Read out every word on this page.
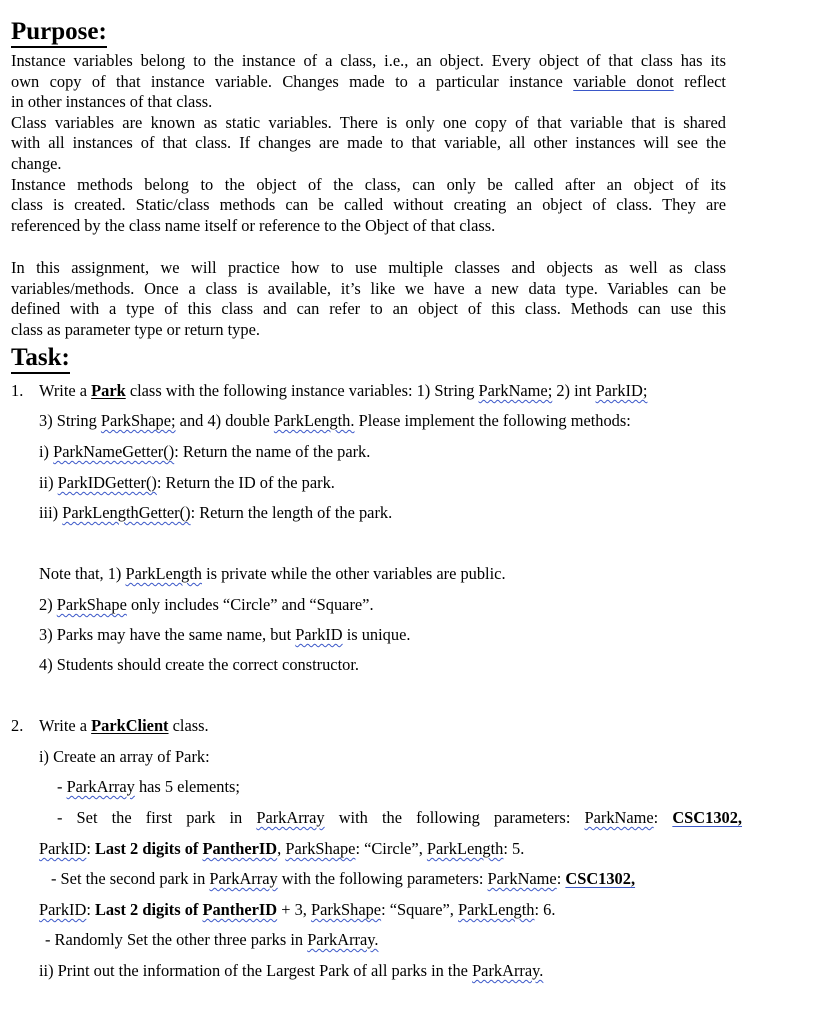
Purpose:
Instance variables belong to the instance of a class, i.e., an object. Every object of that class has its
own copy of that instance variable. Changes made to a particular instance variable donot reflect
in other instances of that class.
Class variables are known as static variables. There is only one copy of that variable that is shared
with all instances of that class. If changes are made to that variable, all other instances will see the
change.
Instance methods belong to the object of the class, can only be called after an object of its
class is created. Static/class methods can be called without creating an object of class. They are
referenced by the class name itself or reference to the Object of that class.
In this assignment, we will practice how to use multiple classes and objects as well as class
variables/methods. Once a class is available, it’s like we have a new data type. Variables can be
defined with a type of this class and can refer to an object of this class. Methods can use this
class as parameter type or return type.
Task:
1. Write a Park class with the following instance variables: 1) String ParkName; 2) int ParkID;
3) String ParkShape; and 4) double ParkLength. Please implement the following methods:
i) ParkNameGetter(): Return the name of the park.
ii) ParkIDGetter(): Return the ID of the park.
iii) ParkLengthGetter(): Return the length of the park.
Note that, 1) ParkLength is private while the other variables are public.
2) ParkShape only includes “Circle” and “Square”.
3) Parks may have the same name, but ParkID is unique.
4) Students should create the correct constructor.
2. Write a ParkClient class.
i) Create an array of Park:
- ParkArray has 5 elements;
- Set the first park in ParkArray with the following parameters: ParkName: CSC1302,
ParkID: Last 2 digits of PantherID, ParkShape: “Circle”, ParkLength: 5.
- Set the second park in ParkArray with the following parameters: ParkName: CSC1302,
ParkID: Last 2 digits of PantherID + 3, ParkShape: “Square”, ParkLength: 6.
- Randomly Set the other three parks in ParkArray.
ii) Print out the information of the Largest Park of all parks in the ParkArray.
